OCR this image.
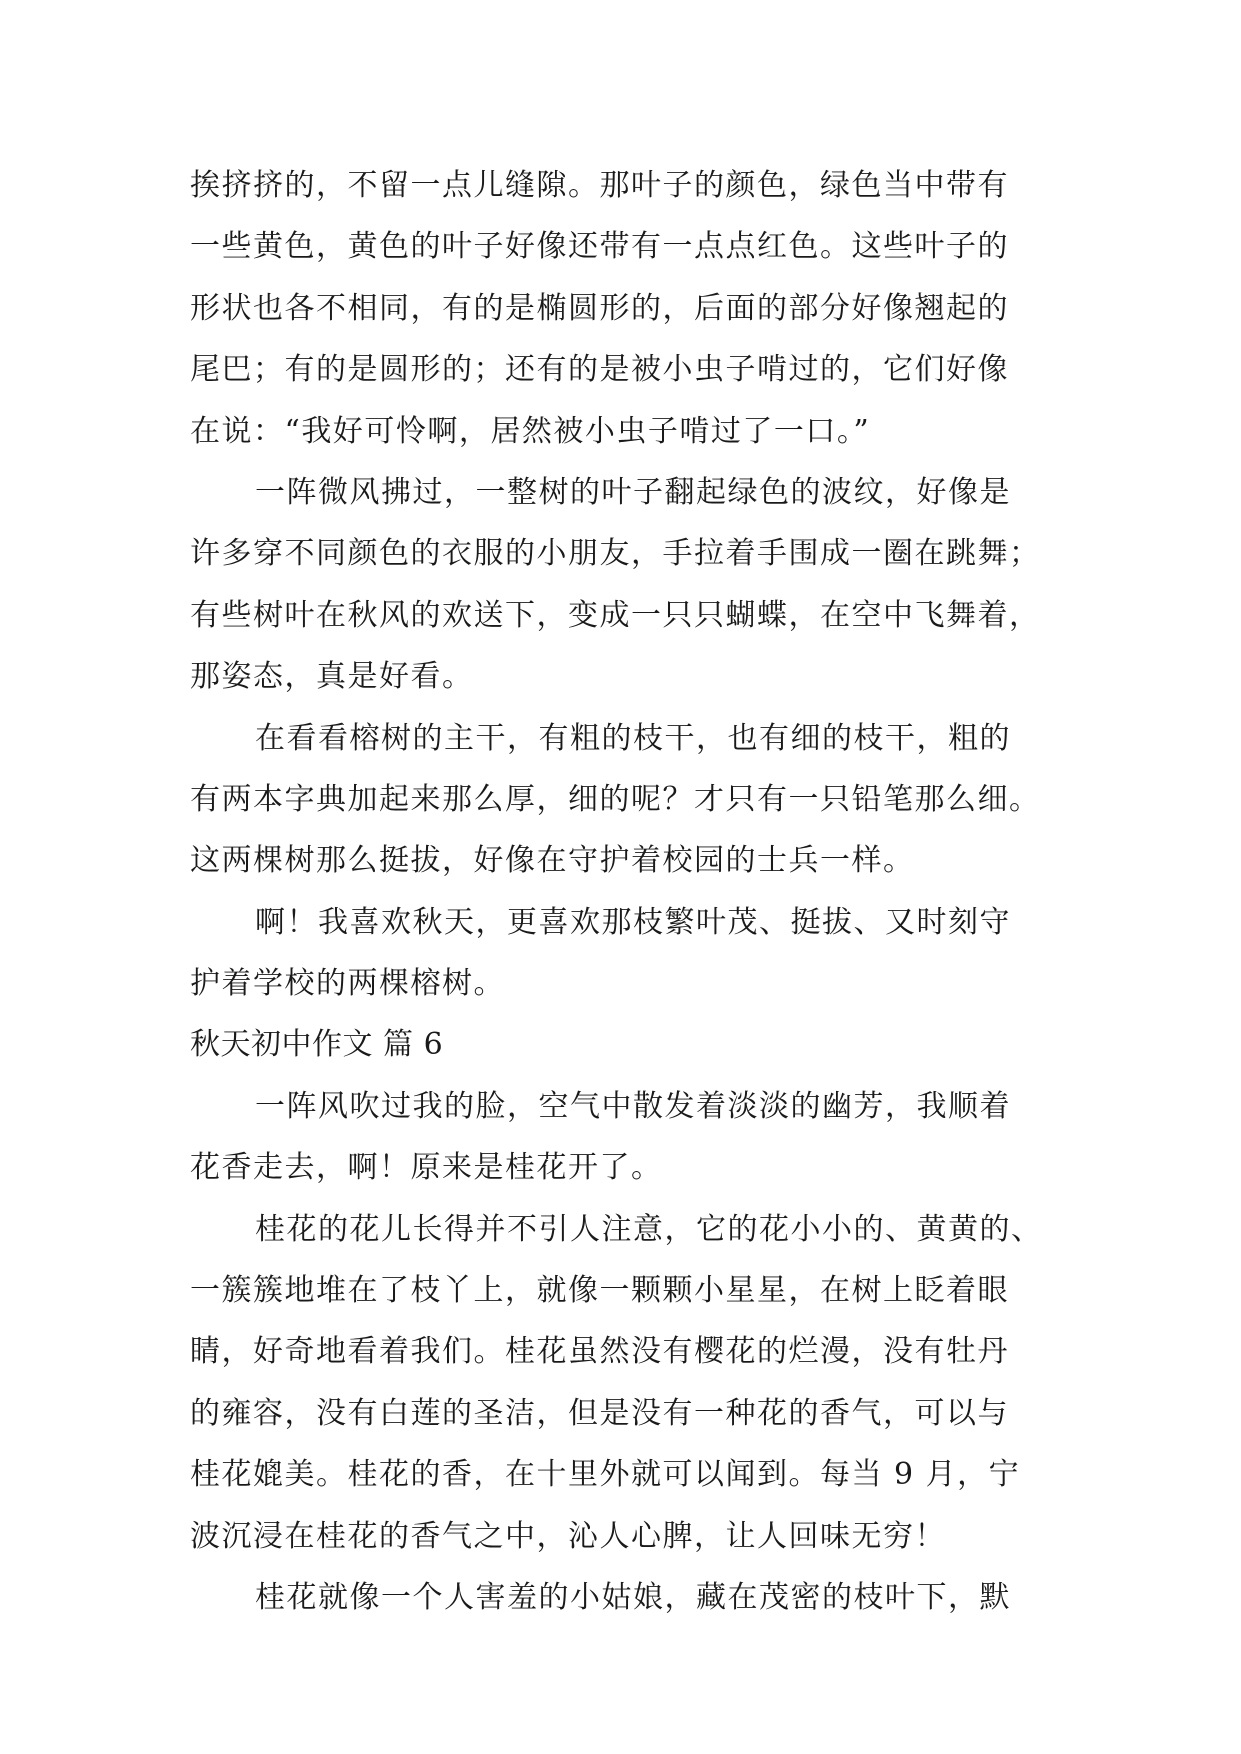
挨挤挤的，不留一点儿缝隙。那叶子的颜色，绿色当中带有
一些黄色，黄色的叶子好像还带有一点点红色。这些叶子的
形状也各不相同，有的是椭圆形的，后面的部分好像翘起的
尾巴；有的是圆形的；还有的是被小虫子啃过的，它们好像
在说：“我好可怜啊，居然被小虫子啃过了一口。”
一阵微风拂过，一整树的叶子翻起绿色的波纹，好像是
许多穿不同颜色的衣服的小朋友，手拉着手围成一圈在跳舞；
有些树叶在秋风的欢送下，变成一只只蝴蝶，在空中飞舞着，
那姿态，真是好看。
在看看榕树的主干，有粗的枝干，也有细的枝干，粗的
有两本字典加起来那么厚，细的呢？才只有一只铅笔那么细。
这两棵树那么挺拔，好像在守护着校园的士兵一样。
啊！我喜欢秋天，更喜欢那枝繁叶茂、挺拔、又时刻守
护着学校的两棵榕树。
秋天初中作文 篇 6
一阵风吹过我的脸，空气中散发着淡淡的幽芳，我顺着
花香走去，啊！原来是桂花开了。
桂花的花儿长得并不引人注意，它的花小小的、黄黄的、
一簇簇地堆在了枝丫上，就像一颗颗小星星，在树上眨着眼
睛，好奇地看着我们。桂花虽然没有樱花的烂漫，没有牡丹
的雍容，没有白莲的圣洁，但是没有一种花的香气，可以与
桂花媲美。桂花的香，在十里外就可以闻到。每当 9 月，宁
波沉浸在桂花的香气之中，沁人心脾，让人回味无穷！
桂花就像一个人害羞的小姑娘，藏在茂密的枝叶下，默
